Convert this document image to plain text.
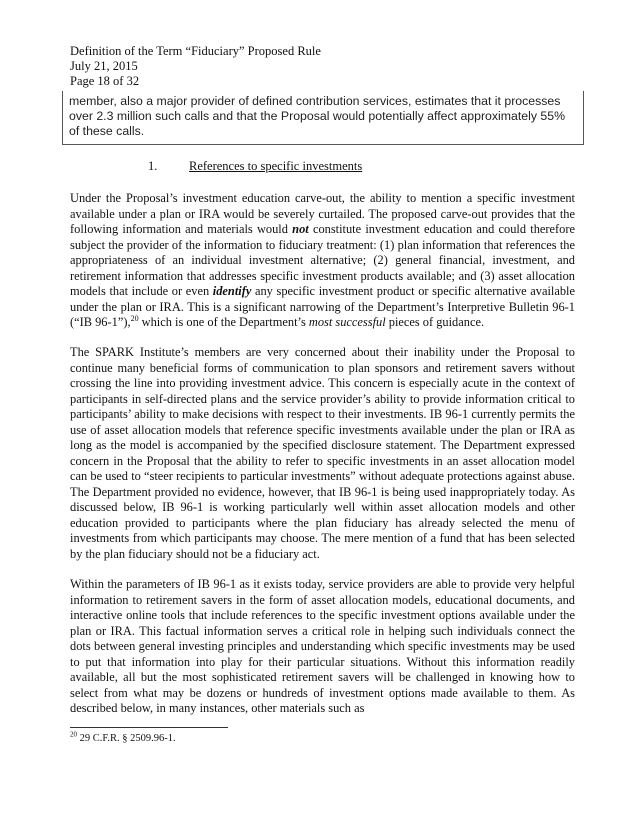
Definition of the Term “Fiduciary” Proposed Rule
July 21, 2015
Page 18 of 32
member, also a major provider of defined contribution services, estimates that it processes over 2.3 million such calls and that the Proposal would potentially affect approximately 55% of these calls.
1.	References to specific investments

Under the Proposal’s investment education carve-out, the ability to mention a specific investment available under a plan or IRA would be severely curtailed. The proposed carve-out provides that the following information and materials would not constitute investment education and could therefore subject the provider of the information to fiduciary treatment: (1) plan information that references the appropriateness of an individual investment alternative; (2) general financial, investment, and retirement information that addresses specific investment products available; and (3) asset allocation models that include or even identify any specific investment product or specific alternative available under the plan or IRA. This is a significant narrowing of the Department’s Interpretive Bulletin 96-1 (“IB 96-1”),$^{20}$ which is one of the Department’s most successful pieces of guidance.

The SPARK Institute’s members are very concerned about their inability under the Proposal to continue many beneficial forms of communication to plan sponsors and retirement savers without crossing the line into providing investment advice. This concern is especially acute in the context of participants in self-directed plans and the service provider’s ability to provide information critical to participants’ ability to make decisions with respect to their investments. IB 96-1 currently permits the use of asset allocation models that reference specific investments available under the plan or IRA as long as the model is accompanied by the specified disclosure statement. The Department expressed concern in the Proposal that the ability to refer to specific investments in an asset allocation model can be used to “steer recipients to particular investments” without adequate protections against abuse. The Department provided no evidence, however, that IB 96-1 is being used inappropriately today. As discussed below, IB 96-1 is working particularly well within asset allocation models and other education provided to participants where the plan fiduciary has already selected the menu of investments from which participants may choose. The mere mention of a fund that has been selected by the plan fiduciary should not be a fiduciary act.

Within the parameters of IB 96-1 as it exists today, service providers are able to provide very helpful information to retirement savers in the form of asset allocation models, educational documents, and interactive online tools that include references to the specific investment options available under the plan or IRA. This factual information serves a critical role in helping such individuals connect the dots between general investing principles and understanding which specific investments may be used to put that information into play for their particular situations. Without this information readily available, all but the most sophisticated retirement savers will be challenged in knowing how to select from what may be dozens or hundreds of investment options made available to them. As described below, in many instances, other materials such as

$^{20}$ 29 C.F.R. § 2509.96-1.
